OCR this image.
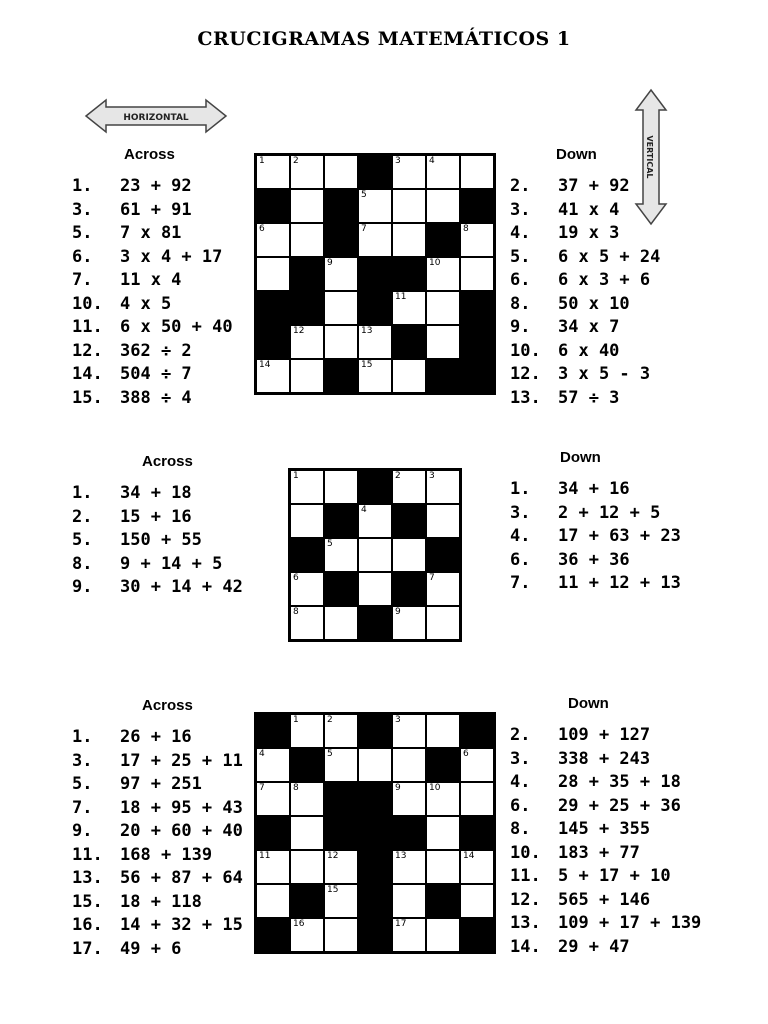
CRUCIGRAMAS MATEMÁTICOS 1
HORIZONTAL
VERTICAL
Across
1. 23 + 92
3. 61 + 91
5. 7 x 81
6. 3 x 4 + 17
7. 11 x 4
10. 4 x 5
11. 6 x 50 + 40
12. 362 ÷ 2
14. 504 ÷ 7
15. 388 ÷ 4
1	2	3	4
5
6	7	8
9	10
11
12	13
14	15
Down
2. 37 + 92
3. 41 x 4
4. 19 x 3
5. 6 x 5 + 24
6. 6 x 3 + 6
8. 50 x 10
9. 34 x 7
10. 6 x 40
12. 3 x 5 - 3
13. 57 ÷ 3
Across
1. 34 + 18
2. 15 + 16
5. 150 + 55
8. 9 + 14 + 5
9. 30 + 14 + 42
1	2	3
4
5
6	7
8	9
Down
1. 34 + 16
3. 2 + 12 + 5
4. 17 + 63 + 23
6. 36 + 36
7. 11 + 12 + 13
Across
1. 26 + 16
3. 17 + 25 + 11
5. 97 + 251
7. 18 + 95 + 43
9. 20 + 60 + 40
11. 168 + 139
13. 56 + 87 + 64
15. 18 + 118
16. 14 + 32 + 15
17. 49 + 6
1	2	3
4	5	6
7	8	9	10
11	12	13	14
15
16	17
Down
2. 109 + 127
3. 338 + 243
4. 28 + 35 + 18
6. 29 + 25 + 36
8. 145 + 355
10. 183 + 77
11. 5 + 17 + 10
12. 565 + 146
13. 109 + 17 + 139
14. 29 + 47
